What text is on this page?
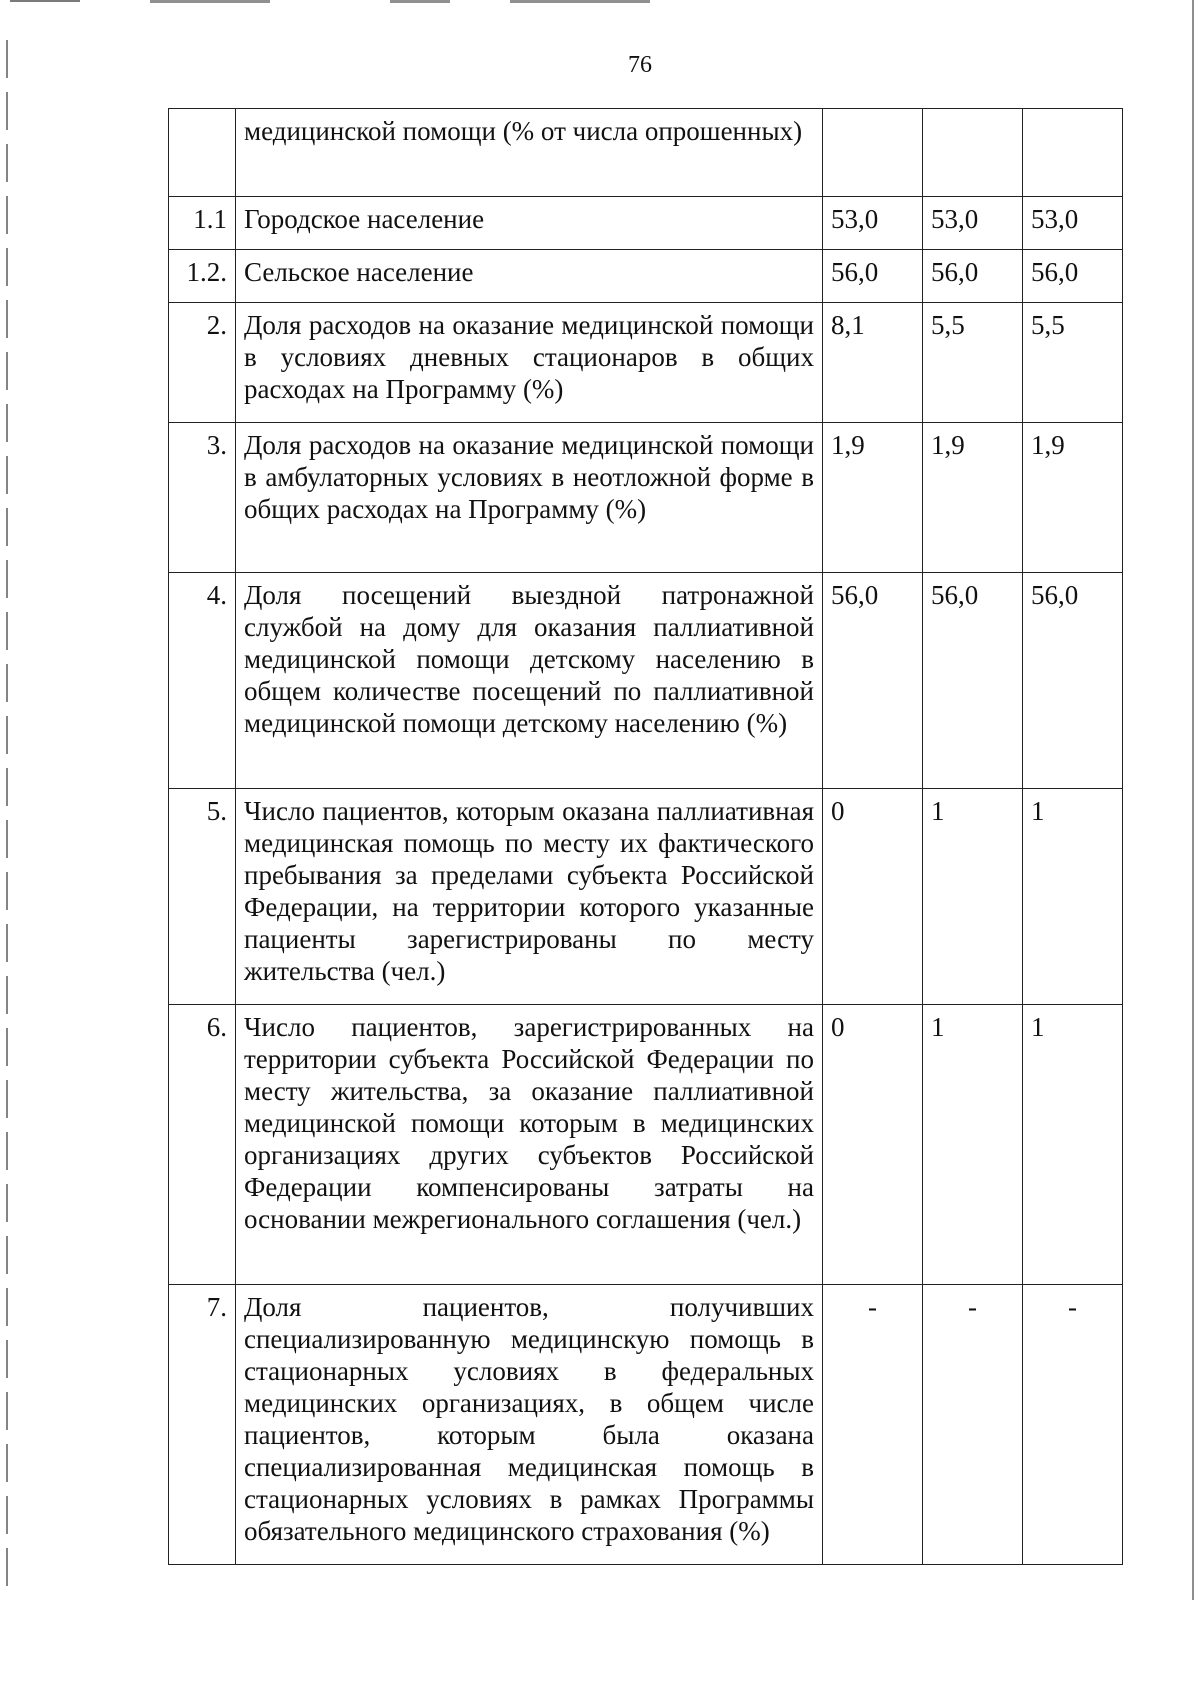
76
	медицинской помощи (% от числа опрошенных)			
1.1	Городское население	53,0	53,0	53,0
1.2.	Сельское население	56,0	56,0	56,0
2.	Доля расходов на оказание медицинской помощи в условиях дневных стационаров в общих расходах на Программу (%)	8,1	5,5	5,5
3.	Доля расходов на оказание медицинской помощи в амбулаторных условиях в неотложной форме в общих расходах на Программу (%)	1,9	1,9	1,9
4.	Доля посещений выездной патронажной службой на дому для оказания паллиативной медицинской помощи детскому населению в общем количестве посещений по паллиативной медицинской помощи детскому населению (%)	56,0	56,0	56,0
5.	Число пациентов, которым оказана паллиативная медицинская помощь по месту их фактического пребывания за пределами субъекта Российской Федерации, на территории которого указанные пациенты зарегистрированы по месту жительства (чел.)	0	1	1
6.	Число пациентов, зарегистрированных на территории субъекта Российской Федерации по месту жительства, за оказание паллиативной медицинской помощи которым в медицинских организациях других субъектов Российской Федерации компенсированы затраты на основании межрегионального соглашения (чел.)	0	1	1
7.	Доля пациентов, получивших специализированную медицинскую помощь в стационарных условиях в федеральных медицинских организациях, в общем числе пациентов, которым была оказана специализированная медицинская помощь в стационарных условиях в рамках Программы обязательного медицинского страхования (%)	-	-	-
